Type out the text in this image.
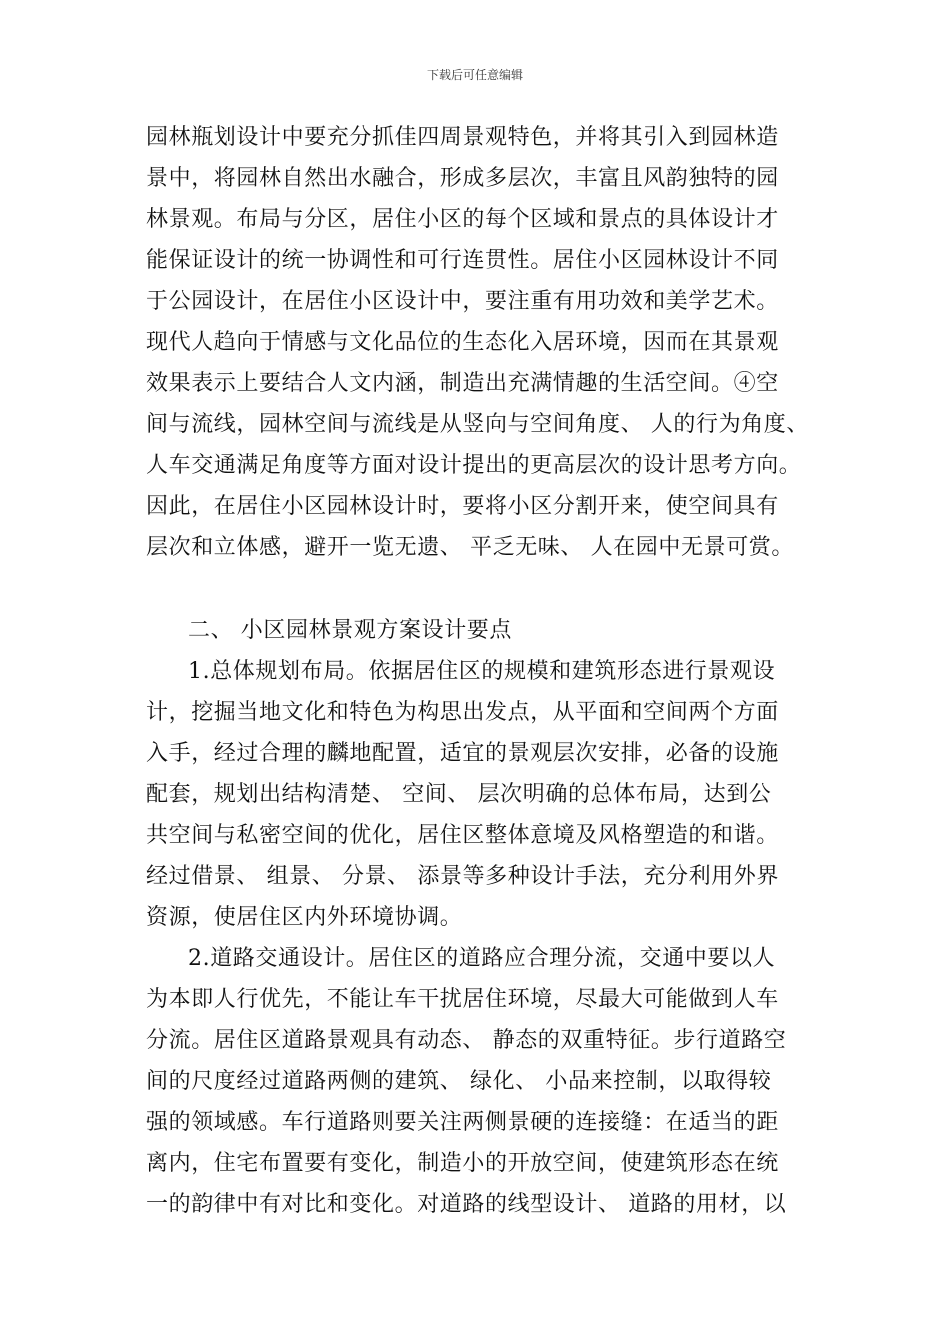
下载后可任意编辑
园林瓶划设计中要充分抓佳四周景观特色，并将其引入到园林造
景中，将园林自然出水融合，形成多层次，丰富且风韵独特的园
林景观。布局与分区，居住小区的每个区域和景点的具体设计才
能保证设计的统一协调性和可行连贯性。居住小区园林设计不同
于公园设计，在居住小区设计中，要注重有用功效和美学艺术。
现代人趋向于情感与文化品位的生态化入居环境，因而在其景观
效果表示上要结合人文内涵，制造出充满情趣的生活空间。④空
间与流线，园林空间与流线是从竖向与空间角度、 人的行为角度、
人车交通满足角度等方面对设计提出的更高层次的设计思考方向。
因此，在居住小区园林设计时，要将小区分割开来，使空间具有
层次和立体感，避开一览无遗、 平乏无味、 人在园中无景可赏。
二、 小区园林景观方案设计要点
1.总体规划布局。依据居住区的规模和建筑形态进行景观设
计，挖掘当地文化和特色为构思出发点，从平面和空间两个方面
入手，经过合理的麟地配置，适宜的景观层次安排，必备的设施
配套，规划出结构清楚、 空间、 层次明确的总体布局，达到公
共空间与私密空间的优化，居住区整体意境及风格塑造的和谐。
经过借景、 组景、 分景、 添景等多种设计手法，充分利用外界
资源，使居住区内外环境协调。
2.道路交通设计。居住区的道路应合理分流，交通中要以人
为本即人行优先，不能让车干扰居住环境，尽最大可能做到人车
分流。居住区道路景观具有动态、 静态的双重特征。步行道路空
间的尺度经过道路两侧的建筑、 绿化、 小品来控制，以取得较
强的领域感。车行道路则要关注两侧景硬的连接缝：在适当的距
离内，住宅布置要有变化，制造小的开放空间，使建筑形态在统
一的韵律中有对比和变化。对道路的线型设计、 道路的用材，以
